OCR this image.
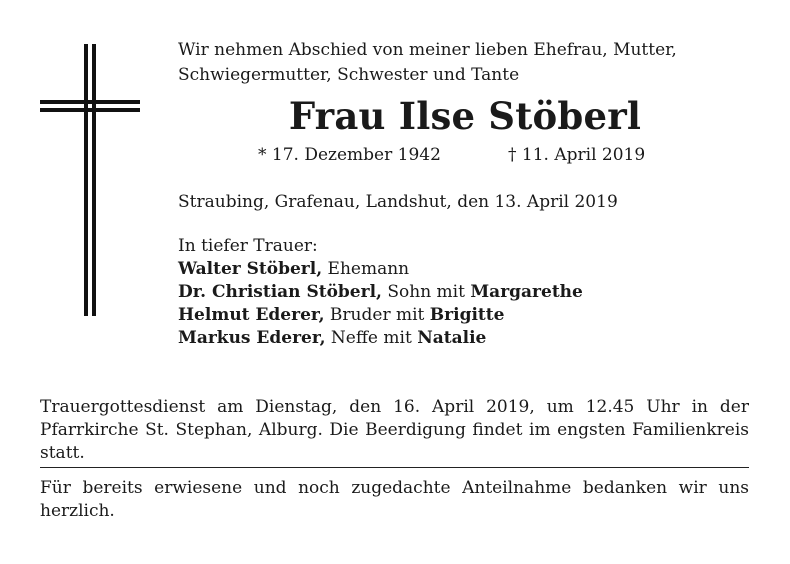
Wir nehmen Abschied von meiner lieben Ehefrau, Mutter,
Schwiegermutter, Schwester und Tante

Frau Ilse Stöberl
* 17. Dezember 1942	† 11. April 2019

Straubing, Grafenau, Landshut, den 13. April 2019

In tiefer Trauer:
Walter Stöberl, Ehemann
Dr. Christian Stöberl, Sohn mit Margarethe
Helmut Ederer, Bruder mit Brigitte
Markus Ederer, Neffe mit Natalie

Trauergottesdienst am Dienstag, den 16. April 2019, um 12.45 Uhr in der Pfarrkirche St. Stephan, Alburg. Die Beerdigung findet im engsten Familienkreis statt.

Für bereits erwiesene und noch zugedachte Anteilnahme bedanken wir uns herzlich.
